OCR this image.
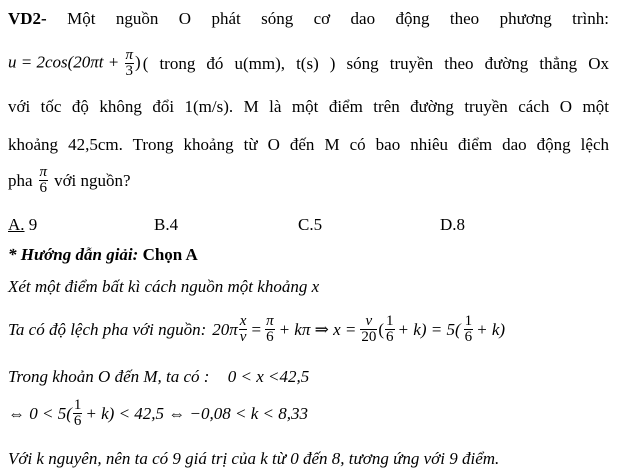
VD2- Một nguồn O phát sóng cơ dao động theo phương trình:
$u = 2\cos(20\pi t + \frac{\pi}{3}$ ) ( trong đó u(mm), t(s) ) sóng truyền theo đường thẳng Ox
với tốc độ không đổi 1(m/s). M là một điểm trên đường truyền cách O một
khoảng 42,5cm. Trong khoảng từ O đến M có bao nhiêu điểm dao động lệch
pha $\frac{\pi}{6}$ với nguồn?
A. 9	B.4	C.5	D.8
* Hướng dẫn giải: Chọn A
Xét một điểm bất kì cách nguồn một khoảng x
Ta có độ lệch pha với nguồn: $20\pi \frac{x}{v} = \frac{\pi}{6} + k\pi$ ⇒ $x = \frac{v}{20}$ ( $\frac{1}{6} + k) = 5( \frac{1}{6} + k)$
Trong khoản O đến M, ta có : 0 < x <42,5
⇔ $0 < 5( \frac{1}{6} + k) < 42,5$ ⇔ −0,08 < k < 8,33
Với k nguyên, nên ta có 9 giá trị của k từ 0 đến 8, tương ứng với 9 điểm.
